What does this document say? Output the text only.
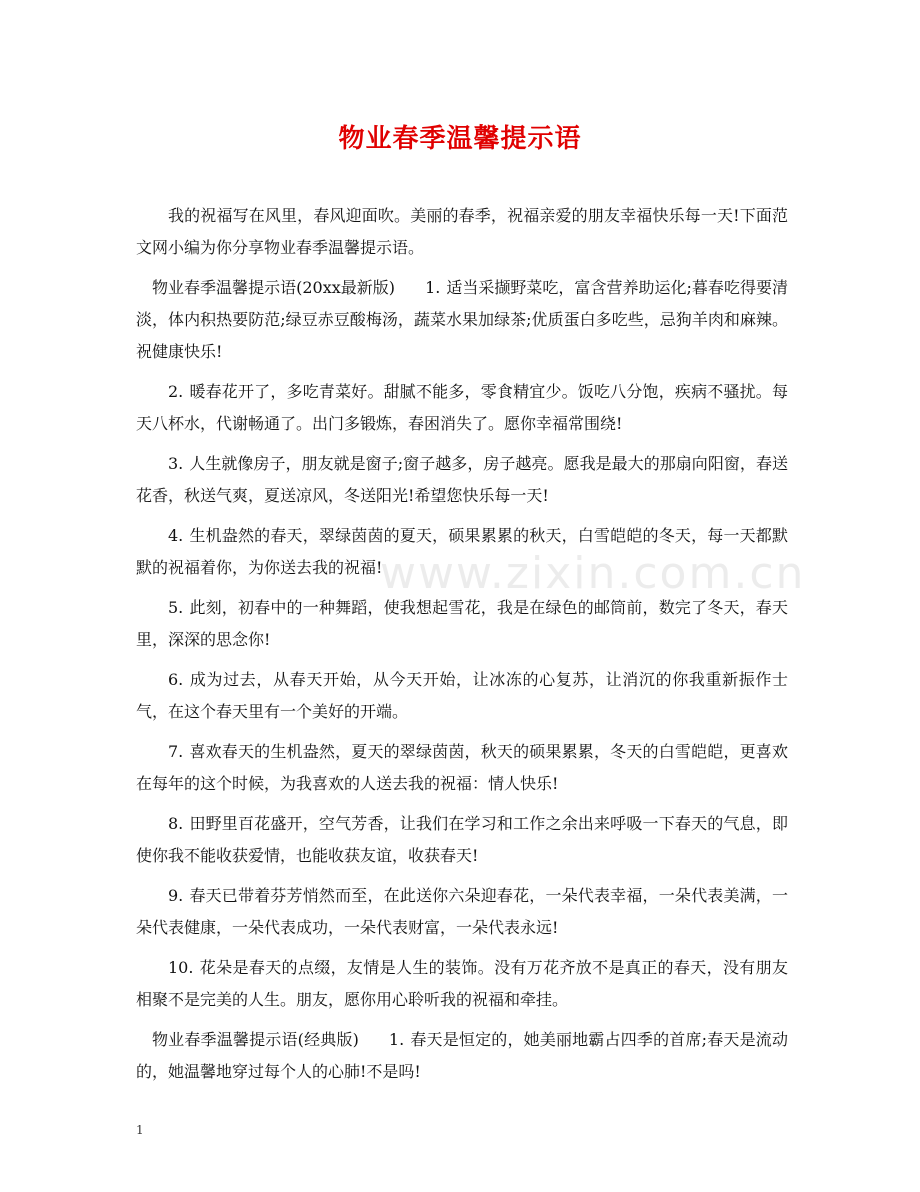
物业春季温馨提示语
www.zixin.com.cn

我的祝福写在风里，春风迎面吹。美丽的春季，祝福亲爱的朋友幸福快乐每一天!下面范文网小编为你分享物业春季温馨提示语。

物业春季温馨提示语(20xx最新版) 1. 适当采撷野菜吃，富含营养助运化;暮春吃得要清淡，体内积热要防范;绿豆赤豆酸梅汤，蔬菜水果加绿茶;优质蛋白多吃些，忌狗羊肉和麻辣。祝健康快乐!

2. 暖春花开了，多吃青菜好。甜腻不能多，零食精宜少。饭吃八分饱，疾病不骚扰。每天八杯水，代谢畅通了。出门多锻炼，春困消失了。愿你幸福常围绕!

3. 人生就像房子，朋友就是窗子;窗子越多，房子越亮。愿我是最大的那扇向阳窗，春送花香，秋送气爽，夏送凉风，冬送阳光!希望您快乐每一天!

4. 生机盎然的春天，翠绿茵茵的夏天，硕果累累的秋天，白雪皑皑的冬天，每一天都默默的祝福着你，为你送去我的祝福!

5. 此刻，初春中的一种舞蹈，使我想起雪花，我是在绿色的邮筒前，数完了冬天，春天里，深深的思念你!

6. 成为过去，从春天开始，从今天开始，让冰冻的心复苏，让消沉的你我重新振作士气，在这个春天里有一个美好的开端。

7. 喜欢春天的生机盎然，夏天的翠绿茵茵，秋天的硕果累累，冬天的白雪皑皑，更喜欢在每年的这个时候，为我喜欢的人送去我的祝福：情人快乐!

8. 田野里百花盛开，空气芳香，让我们在学习和工作之余出来呼吸一下春天的气息，即使你我不能收获爱情，也能收获友谊，收获春天!

9. 春天已带着芬芳悄然而至，在此送你六朵迎春花，一朵代表幸福，一朵代表美满，一朵代表健康，一朵代表成功，一朵代表财富，一朵代表永远!

10. 花朵是春天的点缀，友情是人生的装饰。没有万花齐放不是真正的春天，没有朋友相聚不是完美的人生。朋友，愿你用心聆听我的祝福和牵挂。

物业春季温馨提示语(经典版) 1. 春天是恒定的，她美丽地霸占四季的首席;春天是流动的，她温馨地穿过每个人的心肺!不是吗!

1
